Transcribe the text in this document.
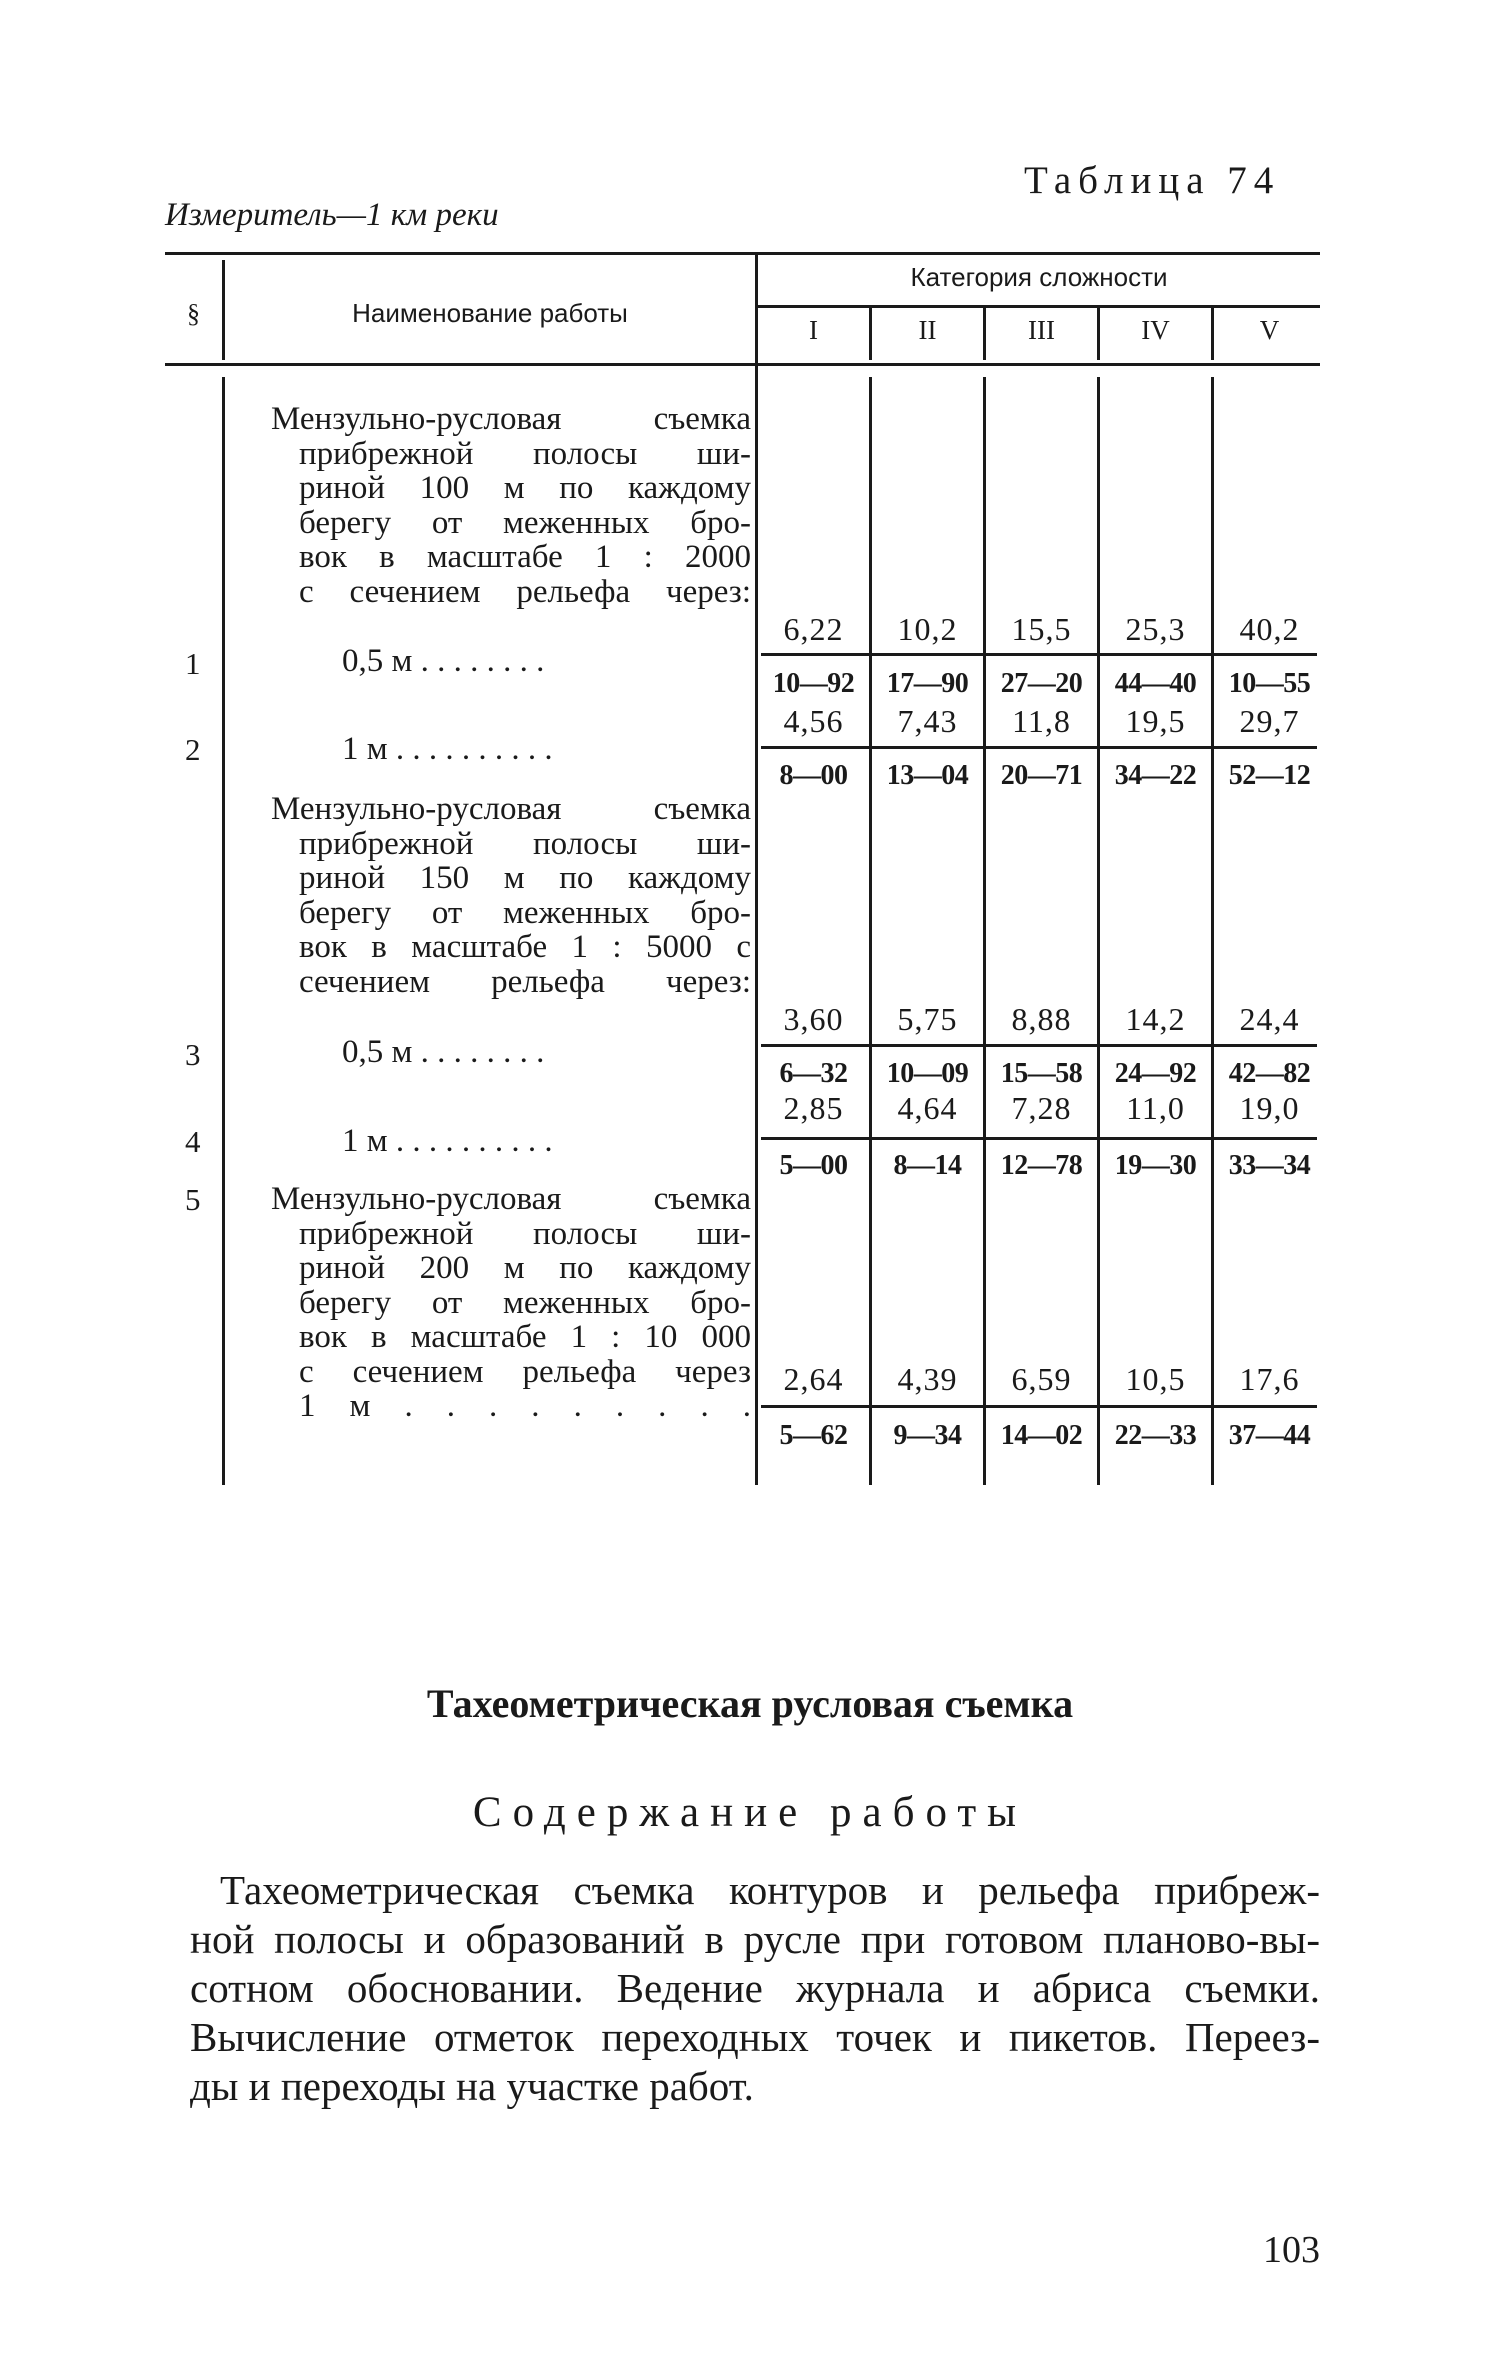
Таблица 74
Измеритель—1 км реки
§	Наименование работы
Категория сложности
I	II	III	IV	V
Мензульно-русловая съемка
прибрежной полосы ши-
риной 100 м по каждому
берегу от меженных бро-
вок в масштабе 1 : 2000
с сечением рельефа через:
1	0,5 м . . . . . . . .
6,22	10,2	15,5	25,3	40,2
10—92	17—90	27—20	44—40	10—55
2	1 м . . . . . . . . . .
4,56	7,43	11,8	19,5	29,7
8—00	13—04	20—71	34—22	52—12
Мензульно-русловая съемка
прибрежной полосы ши-
риной 150 м по каждому
берегу от меженных бро-
вок в масштабе 1 : 5000 с
сечением рельефа через:
3	0,5 м . . . . . . . .
3,60	5,75	8,88	14,2	24,4
6—32	10—09	15—58	24—92	42—82
4	1 м . . . . . . . . . .
2,85	4,64	7,28	11,0	19,0
5—00	8—14	12—78	19—30	33—34
5 Мензульно-русловая съемка
прибрежной полосы ши-
риной 200 м по каждому
берегу от меженных бро-
вок в масштабе 1 : 10 000
с сечением рельефа через
1 м . . . . . . . . .
2,64	4,39	6,59	10,5	17,6
5—62	9—34	14—02	22—33	37—44
Тахеометрическая русловая съемка
Содержание работы
Тахеометрическая съемка контуров и рельефа прибреж-
ной полосы и образований в русле при готовом планово-вы-
сотном обосновании. Ведение журнала и абриса съемки.
Вычисление отметок переходных точек и пикетов. Переез-
ды и переходы на участке работ.
103
